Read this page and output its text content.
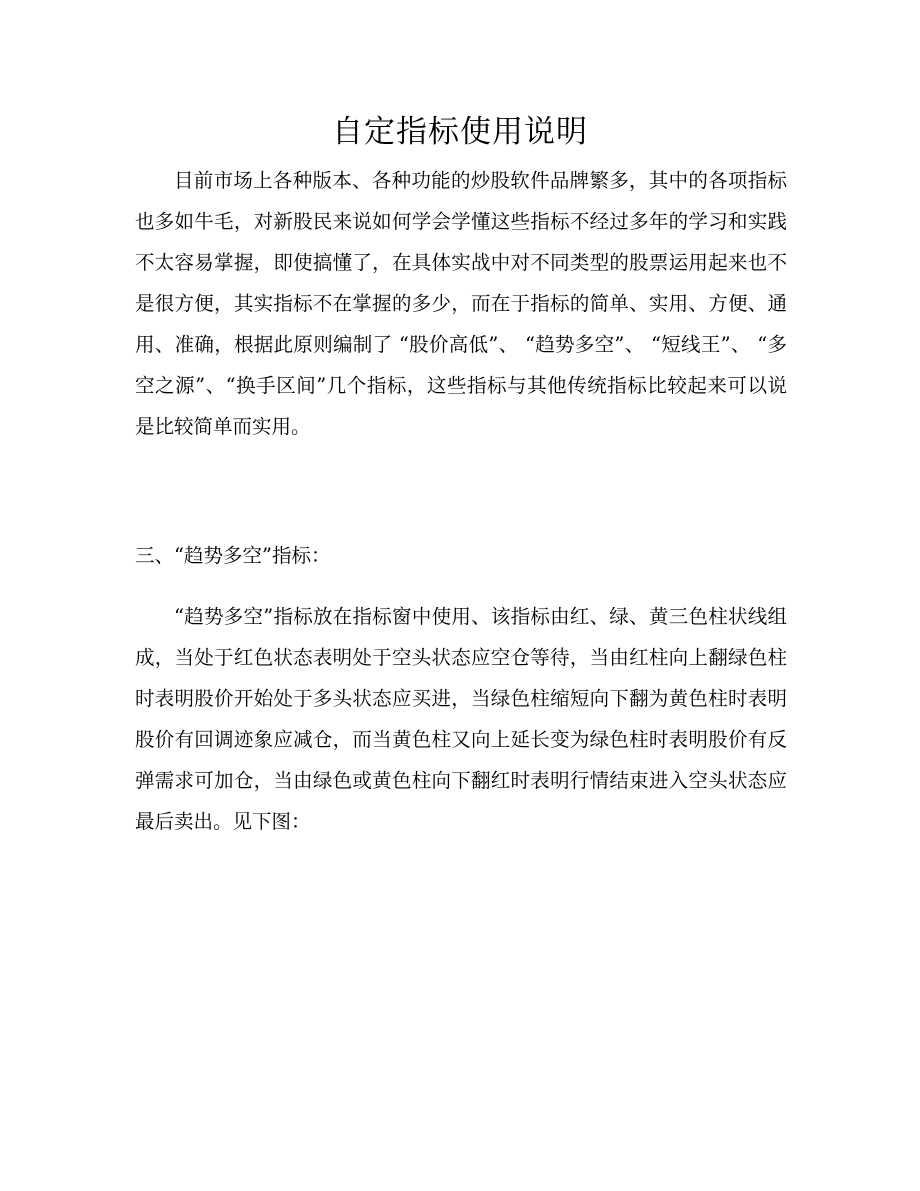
自定指标使用说明

目前市场上各种版本、各种功能的炒股软件品牌繁多，其中的各项指标也多如牛毛，对新股民来说如何学会学懂这些指标不经过多年的学习和实践不太容易掌握，即使搞懂了，在具体实战中对不同类型的股票运用起来也不是很方便，其实指标不在掌握的多少，而在于指标的简单、实用、方便、通用、准确，根据此原则编制了 “股价高低”、 “趋势多空”、 “短线王”、 “多空之源”、“换手区间”几个指标，这些指标与其他传统指标比较起来可以说是比较简单而实用。

三、“趋势多空”指标：

“趋势多空”指标放在指标窗中使用、该指标由红、绿、黄三色柱状线组成，当处于红色状态表明处于空头状态应空仓等待，当由红柱向上翻绿色柱时表明股价开始处于多头状态应买进，当绿色柱缩短向下翻为黄色柱时表明股价有回调迹象应减仓，而当黄色柱又向上延长变为绿色柱时表明股价有反弹需求可加仓，当由绿色或黄色柱向下翻红时表明行情结束进入空头状态应最后卖出。见下图：
